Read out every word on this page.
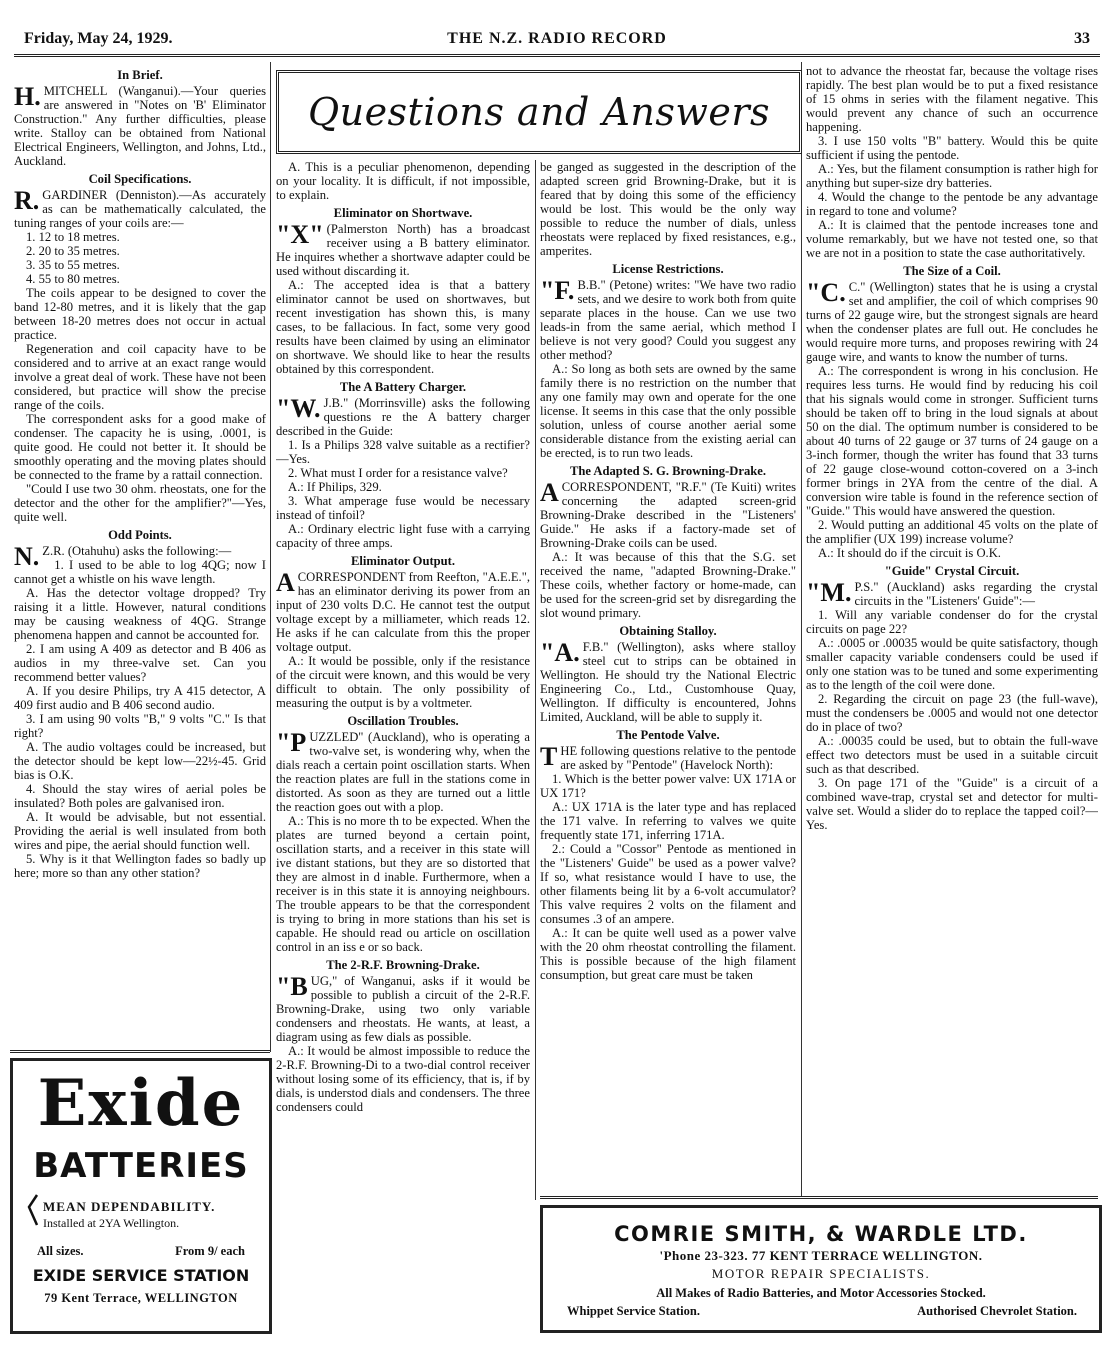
THE N.Z. RADIO RECORD
Friday, May 24, 1929.	33
Questions and Answers
In Brief.

H. MITCHELL (Wanganui).—Your queries are answered in "Notes on 'B' Eliminator Construction." Any further difficulties, please write. Stalloy can be obtained from National Electrical Engineers, Wellington, and Johns, Ltd., Auckland.

Coil Specifications.

R. GARDINER (Denniston).—As accurately as can be mathematically calculated, the tuning ranges of your coils are:—

1. 12 to 18 metres.
2. 20 to 35 metres.
3. 35 to 55 metres.
4. 55 to 80 metres.

The coils appear to be designed to cover the band 12-80 metres, and it is likely that the gap between 18-20 metres does not occur in actual practice.

Regeneration and coil capacity have to be considered and to arrive at an exact range would involve a great deal of work. These have not been considered, but practice will show the precise range of the coils.

The correspondent asks for a good make of condenser. The capacity he is using, .0001, is quite good. He could not better it. It should be smoothly operating and the moving plates should be connected to the frame by a rattail connection.

"Could I use two 30 ohm. rheostats, one for the detector and the other for the amplifier?"—Yes, quite well.

Odd Points.

N. Z.R. (Otahuhu) asks the following:—

1. I used to be able to log 4QG; now I cannot get a whistle on his wave length.

A. Has the detector voltage dropped? Try raising it a little. However, natural conditions may be causing weakness of 4QG. Strange phenomena happen and cannot be accounted for.

2. I am using A 409 as detector and B 406 as audios in my three-valve set. Can you recommend better values?

A. If you desire Philips, try A 415 detector, A 409 first audio and B 406 second audio.

3. I am using 90 volts "B," 9 volts "C." Is that right?

A. The audio voltages could be increased, but the detector should be kept low—22½-45. Grid bias is O.K.

4. Should the stay wires of aerial poles be insulated? Both poles are galvanised iron.

A. It would be advisable, but not essential. Providing the aerial is well insulated from both wires and pipe, the aerial should function well.

5. Why is it that Wellington fades so badly up here; more so than any other station?

Exide
BATTERIES
MEAN DEPENDABILITY.
Installed at 2YA Wellington.
All sizes.	From 9/ each
EXIDE SERVICE STATION
79 Kent Terrace, WELLINGTON

A. This is a peculiar phenomenon, depending on your locality. It is difficult, if not impossible, to explain.

Eliminator on Shortwave.

"X" (Palmerston North) has a broadcast receiver using a B battery eliminator. He inquires whether a shortwave adapter could be used without discarding it.

A.: The accepted idea is that a battery eliminator cannot be used on shortwaves, but recent investigation has shown this, is many cases, to be fallacious. In fact, some very good results have been claimed by using an eliminator on shortwave. We should like to hear the results obtained by this correspondent.

The A Battery Charger.

"W. J.B." (Morrinsville) asks the following questions re the A battery charger described in the Guide:

1. Is a Philips 328 valve suitable as a rectifier?—Yes.

2. What must I order for a resistance valve?

A.: If Philips, 329.

3. What amperage fuse would be necessary instead of tinfoil?

A.: Ordinary electric light fuse with a carrying capacity of three amps.

Eliminator Output.

ACORRESPONDENT from Reefton, "A.E.E.", has an eliminator deriving its power from an input of 230 volts D.C. He cannot test the output voltage except by a milliameter, which reads 12. He asks if he can calculate from this the proper voltage output.

A.: It would be possible, only if the resistance of the circuit were known, and this would be very difficult to obtain. The only possibility of measuring the output is by a voltmeter.

Oscillation Troubles.

"PUZZLED" (Auckland), who is operating a two-valve set, is wondering why, when the dials reach a certain point oscillation starts. When the reaction plates are full in the stations come in distorted. As soon as they are turned out a little the reaction goes out with a plop.

A.: This is no more th to be expected. When the plates are turned beyond a certain point, oscillation starts, and a receiver in this state will ive distant stations, but they are so distorted that they are almost in d inable. Furthermore, when a receiver is in this state it is annoying neighbours. The trouble appears to be that the correspondent is trying to bring in more stations than his set is capable. He should read ou article on oscillation control in an iss e or so back.

The 2-R.F. Browning-Drake.

"BUG," of Wanganui, asks if it would be possible to publish a circuit of the 2-R.F. Browning-Drake, using two only variable condensers and rheostats. He wants, at least, a diagram using as few dials as possible.

A.: It would be almost impossible to reduce the 2-R.F. Browning-Di to a two-dial control receiver without losing some of its efficiency, that is, if by dials, is understod dials and condensers. The three condensers could

be ganged as suggested in the description of the adapted screen grid Browning-Drake, but it is feared that by doing this some of the efficiency would be lost. This would be the only way possible to reduce the number of dials, unless rheostats were replaced by fixed resistances, e.g., amperites.

License Restrictions.

"F. B.B." (Petone) writes: "We have two radio sets, and we desire to work both from quite separate places in the house. Can we use two leads-in from the same aerial, which method I believe is not very good? Could you suggest any other method?

A.: So long as both sets are owned by the same family there is no restriction on the number that any one family may own and operate for the one license. It seems in this case that the only possible solution, unless of course another aerial some considerable distance from the existing aerial can be erected, is to run two leads.

The Adapted S. G. Browning-Drake.

ACORRESPONDENT, "R.F." (Te Kuiti) writes concerning the adapted screen-grid Browning-Drake described in the "Listeners' Guide." He asks if a factory-made set of Browning-Drake coils can be used.

A.: It was because of this that the S.G. set received the name, "adapted Browning-Drake." These coils, whether factory or home-made, can be used for the screen-grid set by disregarding the slot wound primary.

Obtaining Stalloy.

"A. F.B." (Wellington), asks where stalloy steel cut to strips can be obtained in Wellington. He should try the National Electric Engineering Co., Ltd., Customhouse Quay, Wellington. If difficulty is encountered, Johns Limited, Auckland, will be able to supply it.

The Pentode Valve.

THE following questions relative to the pentode are asked by "Pentode" (Havelock North):

1. Which is the better power valve: UX 171A or UX 171?

A.: UX 171A is the later type and has replaced the 171 valve. In referring to valves we quite frequently state 171, inferring 171A.

2.: Could a "Cossor" Pentode as mentioned in the "Listeners' Guide" be used as a power valve? If so, what resistance would I have to use, the other filaments being lit by a 6-volt accumulator? This valve requires 2 volts on the filament and consumes .3 of an ampere.

A.: It can be quite well used as a power valve with the 20 ohm rheostat controlling the filament. This is possible because of the high filament consumption, but great care must be taken

not to advance the rheostat far, because the voltage rises rapidly. The best plan would be to put a fixed resistance of 15 ohms in series with the filament negative. This would prevent any chance of such an occurrence happening.

3. I use 150 volts "B" battery. Would this be quite sufficient if using the pentode.

A.: Yes, but the filament consumption is rather high for anything but super-size dry batteries.

4. Would the change to the pentode be any advantage in regard to tone and volume?

A.: It is claimed that the pentode increases tone and volume remarkably, but we have not tested one, so that we are not in a position to state the case authoritatively.

The Size of a Coil.

"C. C." (Wellington) states that he is using a crystal set and amplifier, the coil of which comprises 90 turns of 22 gauge wire, but the strongest signals are heard when the condenser plates are full out. He concludes he would require more turns, and proposes rewiring with 24 gauge wire, and wants to know the number of turns.

A.: The correspondent is wrong in his conclusion. He requires less turns. He would find by reducing his coil that his signals would come in stronger. Sufficient turns should be taken off to bring in the loud signals at about 50 on the dial. The optimum number is considered to be about 40 turns of 22 gauge or 37 turns of 24 gauge on a 3-inch former, though the writer has found that 33 turns of 22 gauge close-wound cotton-covered on a 3-inch former brings in 2YA from the centre of the dial. A conversion wire table is found in the reference section of "Guide." This would have answered the question.

2. Would putting an additional 45 volts on the plate of the amplifier (UX 199) increase volume?

A.: It should do if the circuit is O.K.

"Guide" Crystal Circuit.

"M. P.S." (Auckland) asks regarding the crystal circuits in the "Listeners' Guide":—

1. Will any variable condenser do for the crystal circuits on page 22?

A.: .0005 or .00035 would be quite satisfactory, though smaller capacity variable condensers could be used if only one station was to be tuned and some experimenting as to the length of the coil were done.

2. Regarding the circuit on page 23 (the full-wave), must the condensers be .0005 and would not one detector do in place of two?

A.: .00035 could be used, but to obtain the full-wave effect two detectors must be used in a suitable circuit such as that described.

3. On page 171 of the "Guide" is a circuit of a combined wave-trap, crystal set and detector for multi-valve set. Would a slider do to replace the tapped coil?—Yes.

COMRIE SMITH, & WARDLE LTD.
'Phone 23-323. 77 KENT TERRACE WELLINGTON.
MOTOR REPAIR SPECIALISTS.
All Makes of Radio Batteries, and Motor Accessories Stocked.
Whippet Service Station.	Authorised Chevrolet Station.
